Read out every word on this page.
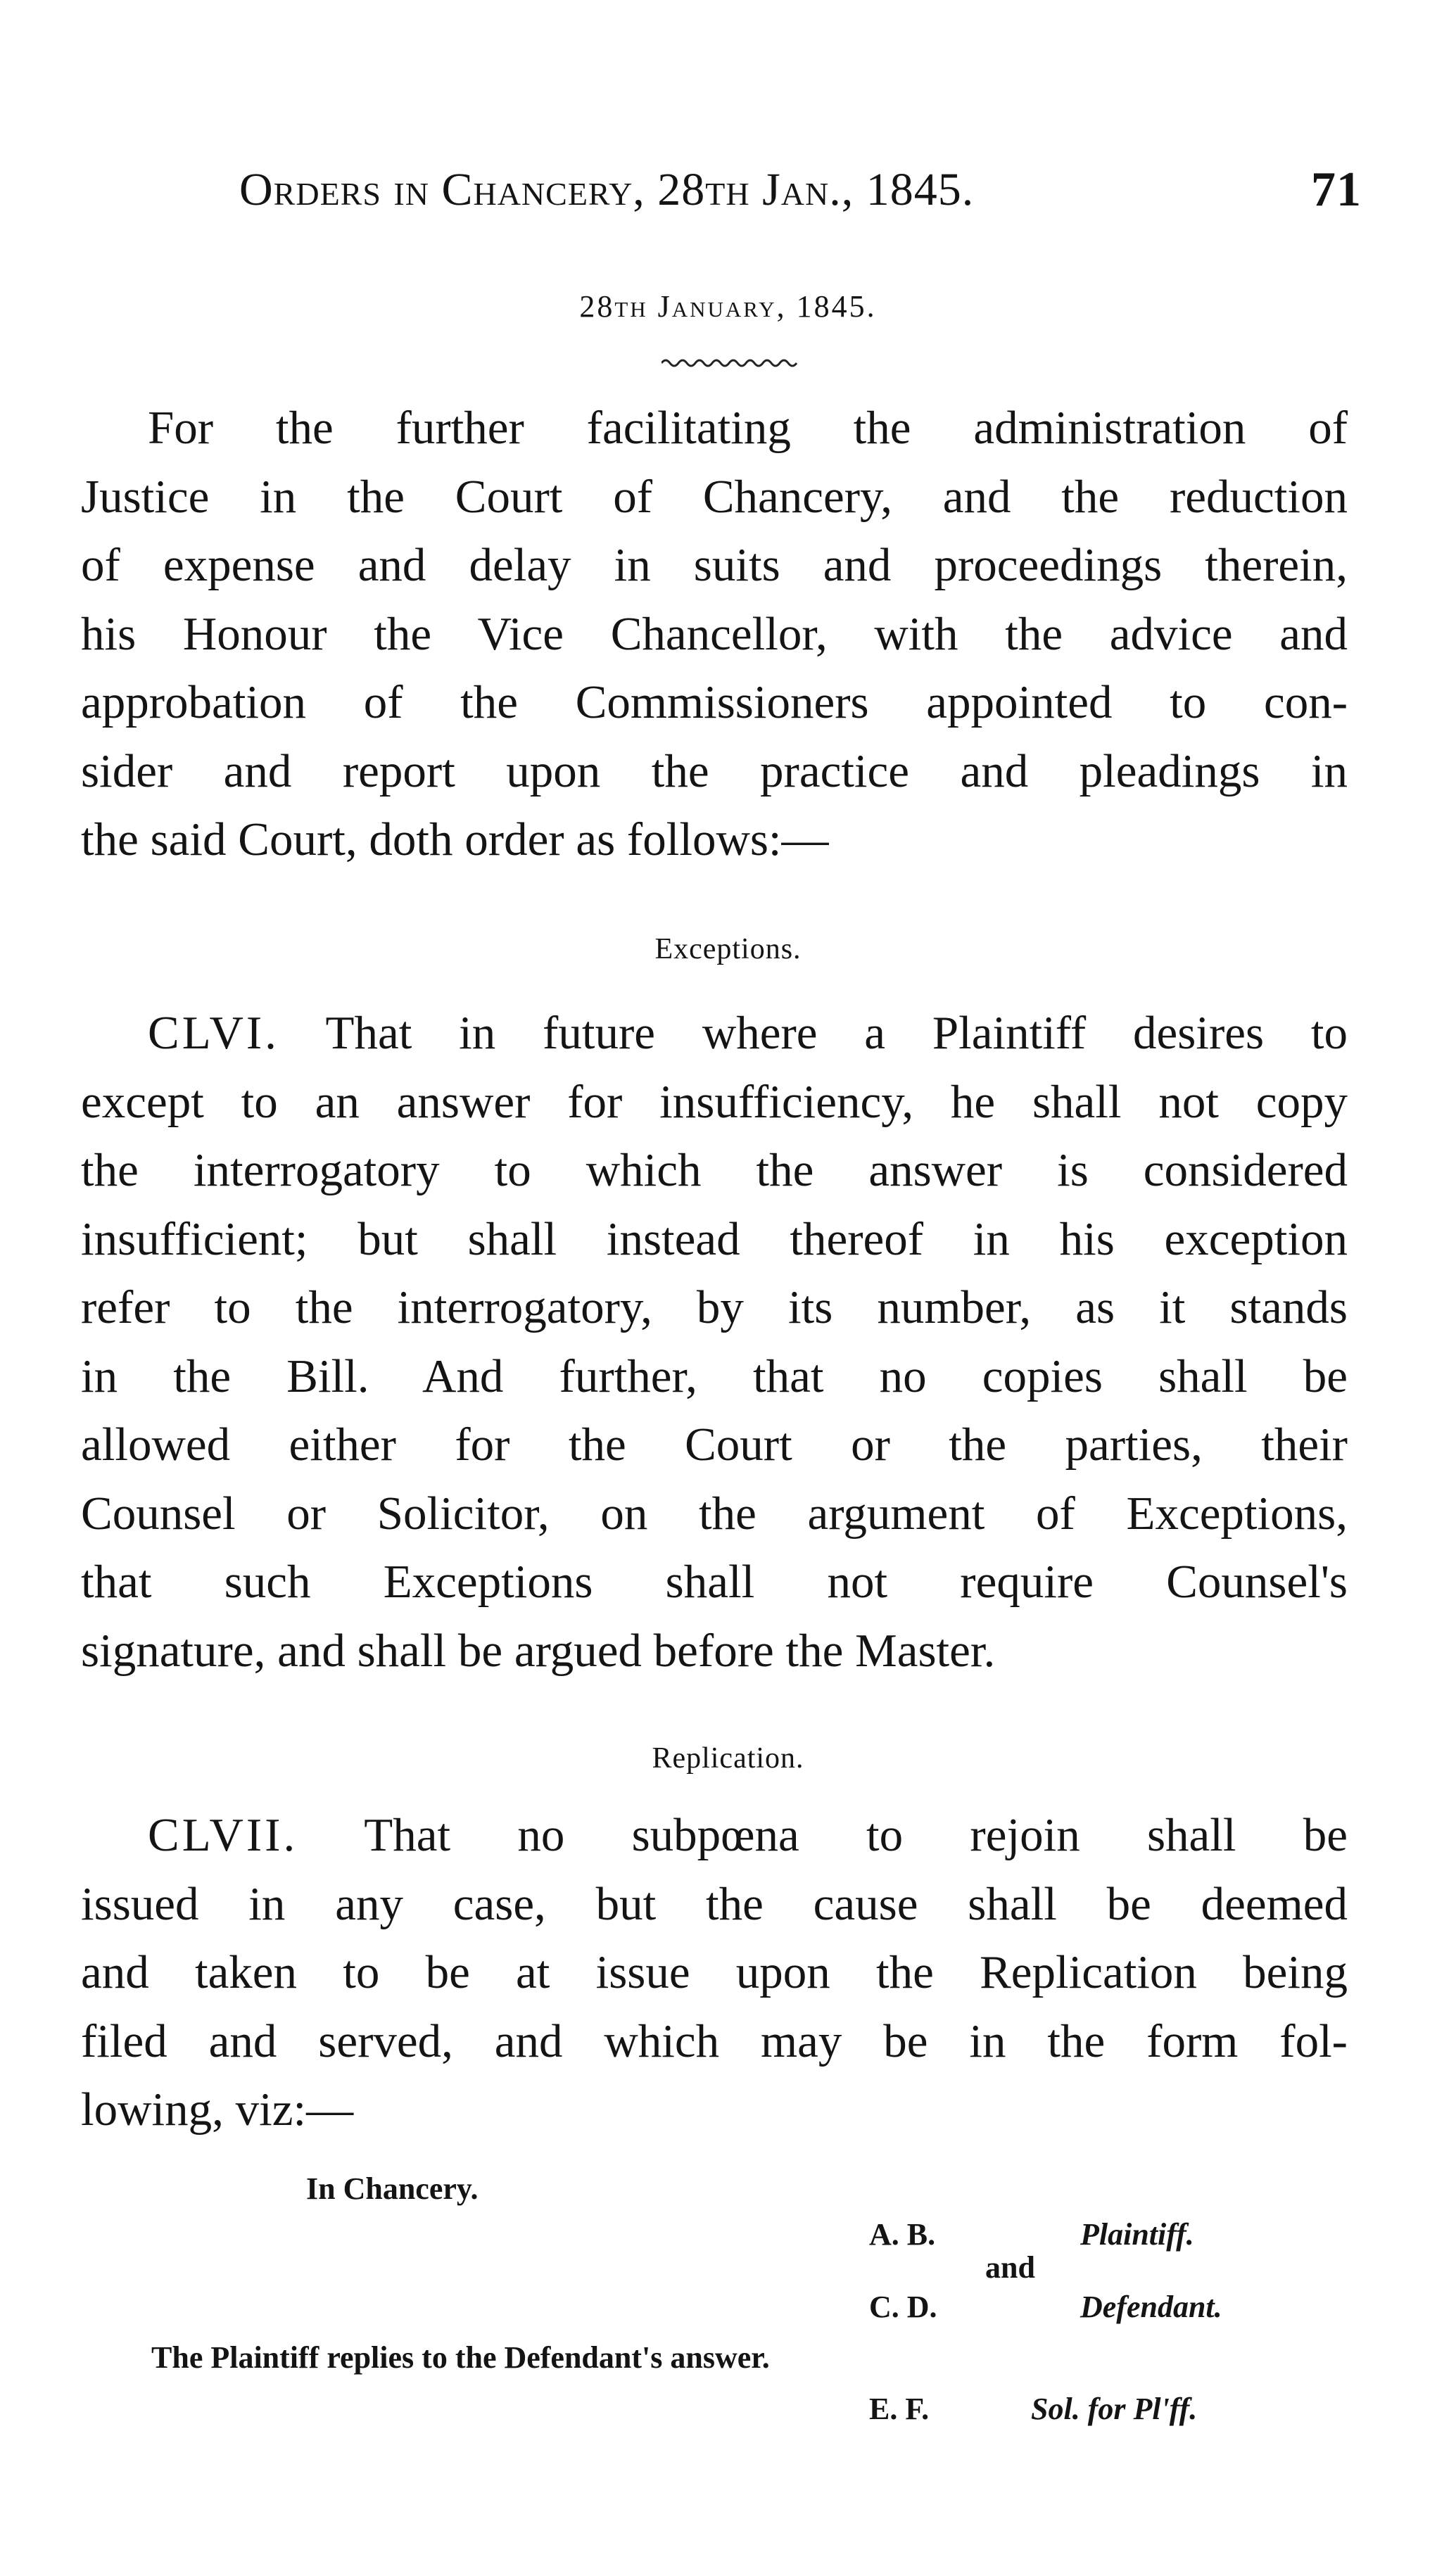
Orders in Chancery, 28th Jan., 1845.	71
28th January, 1845.
For the further facilitating the administration of
Justice in the Court of Chancery, and the reduction
of expense and delay in suits and proceedings therein,
his Honour the Vice Chancellor, with the advice and
approbation of the Commissioners appointed to con-
sider and report upon the practice and pleadings in
the said Court, doth order as follows:—
Exceptions.
CLVI. That in future where a Plaintiff desires to
except to an answer for insufficiency, he shall not copy
the interrogatory to which the answer is considered
insufficient; but shall instead thereof in his exception
refer to the interrogatory, by its number, as it stands
in the Bill. And further, that no copies shall be
allowed either for the Court or the parties, their
Counsel or Solicitor, on the argument of Exceptions,
that such Exceptions shall not require Counsel's
signature, and shall be argued before the Master.
Replication.
CLVII. That no subpœna to rejoin shall be
issued in any case, but the cause shall be deemed
and taken to be at issue upon the Replication being
filed and served, and which may be in the form fol-
lowing, viz:—
In Chancery.
A. B.	Plaintiff.
and
C. D.	Defendant.
The Plaintiff replies to the Defendant's answer.
E. F.	Sol. for Pl'ff.
